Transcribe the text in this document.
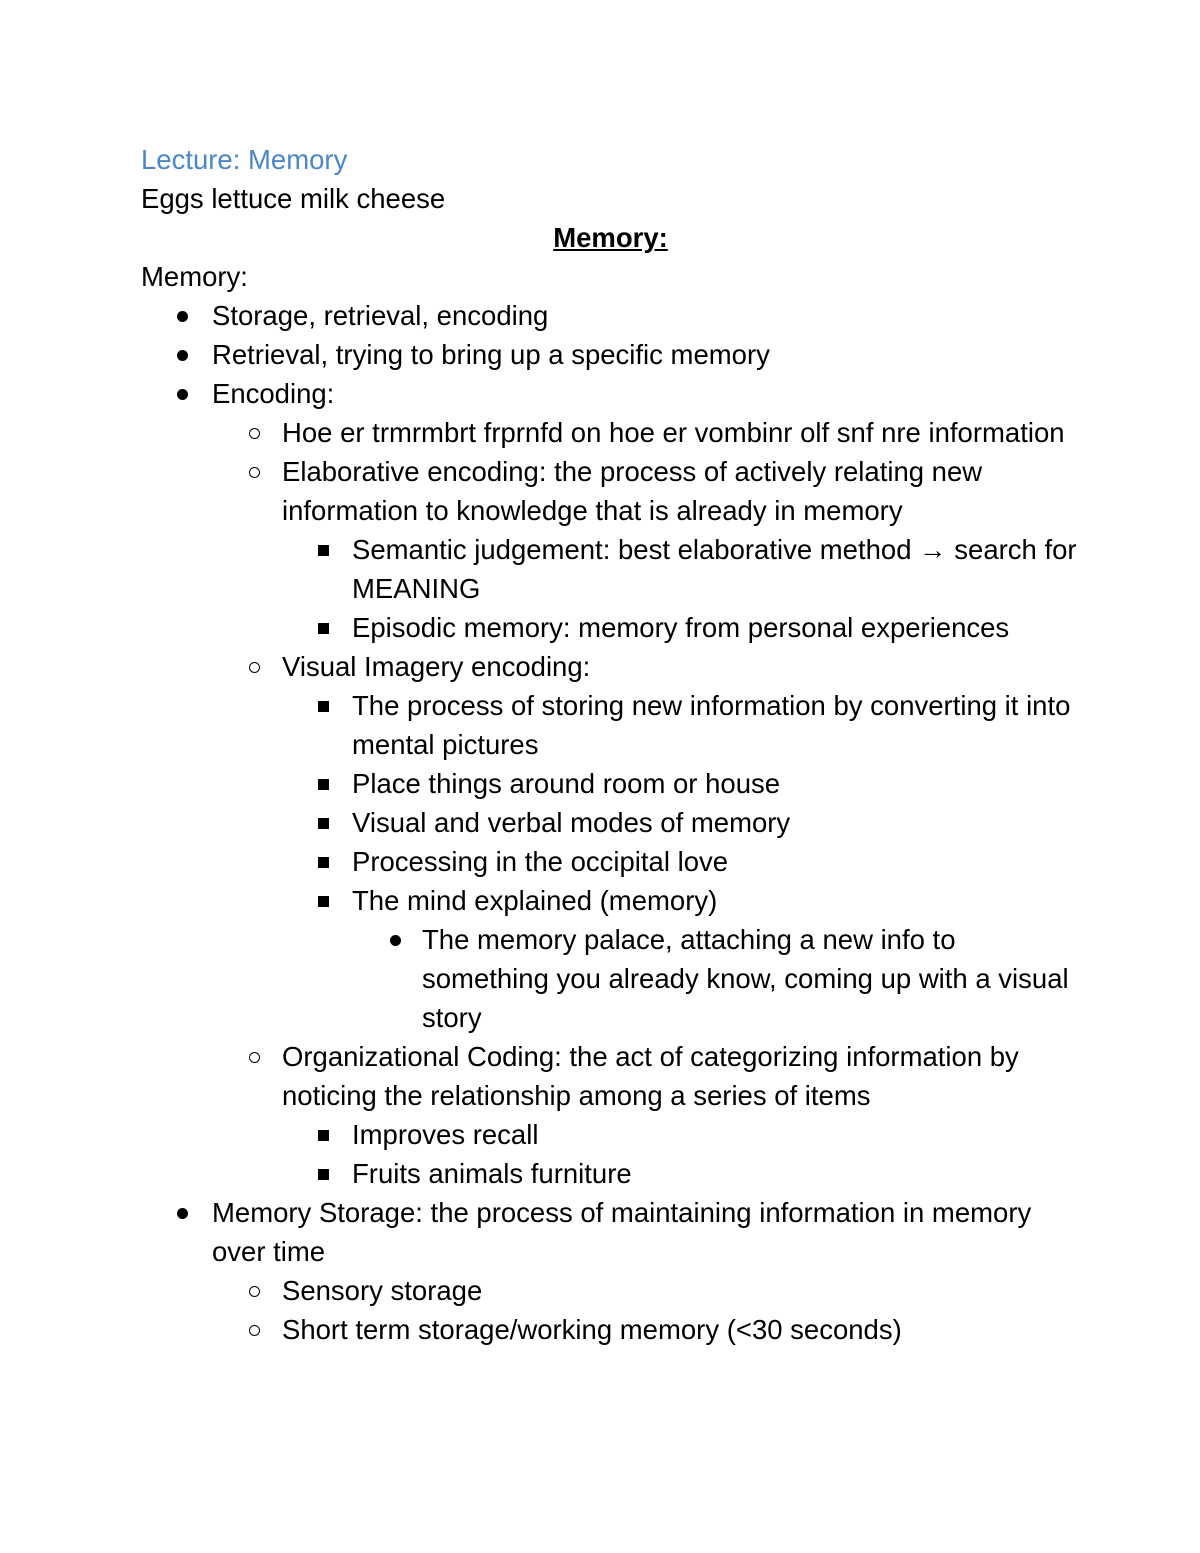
Lecture: Memory

Eggs lettuce milk cheese

Memory:

Memory:

Storage, retrieval, encoding
Retrieval, trying to bring up a specific memory
Encoding:
Hoe er trmrmbrt frprnfd on hoe er vombinr olf snf nre information
Elaborative encoding: the process of actively relating new information to knowledge that is already in memory
Semantic judgement: best elaborative method → search for MEANING
Episodic memory: memory from personal experiences
Visual Imagery encoding:
The process of storing new information by converting it into mental pictures
Place things around room or house
Visual and verbal modes of memory
Processing in the occipital love
The mind explained (memory)
The memory palace, attaching a new info to something you already know, coming up with a visual story
Organizational Coding: the act of categorizing information by noticing the relationship among a series of items
Improves recall
Fruits animals furniture
Memory Storage: the process of maintaining information in memory over time
Sensory storage
Short term storage/working memory (<30 seconds)
